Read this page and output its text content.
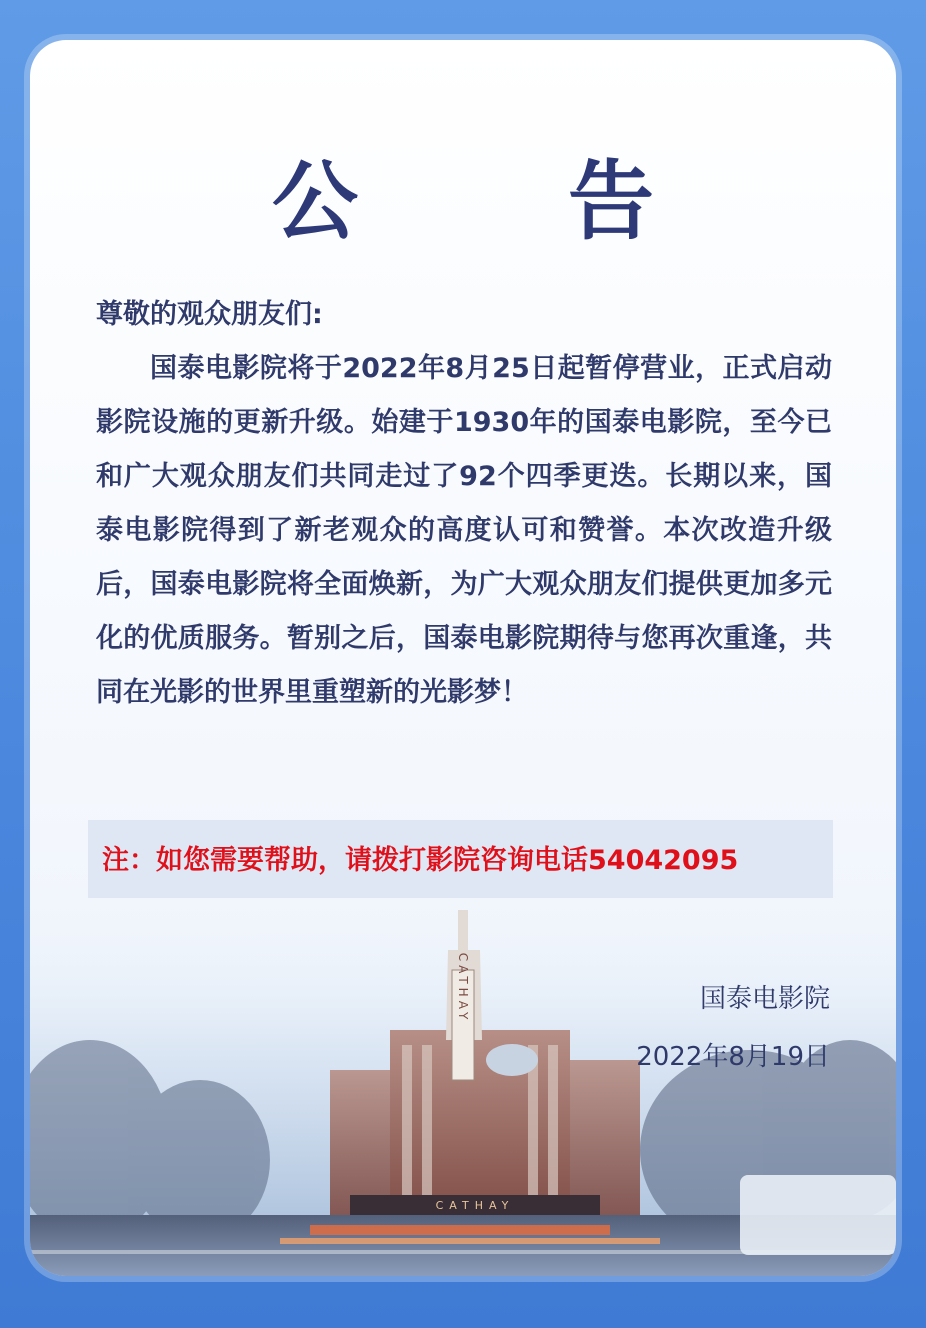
公 告
尊敬的观众朋友们:
国泰电影院将于2022年8月25日起暂停营业，正式启动影院设施的更新升级。始建于1930年的国泰电影院，至今已和广大观众朋友们共同走过了92个四季更迭。长期以来，国泰电影院得到了新老观众的高度认可和赞誉。本次改造升级后，国泰电影院将全面焕新，为广大观众朋友们提供更加多元化的优质服务。暂别之后，国泰电影院期待与您再次重逢，共同在光影的世界里重塑新的光影梦！
注：如您需要帮助，请拨打影院咨询电话54042095
CATHAY
CATHAY
国泰电影院
2022年8月19日
